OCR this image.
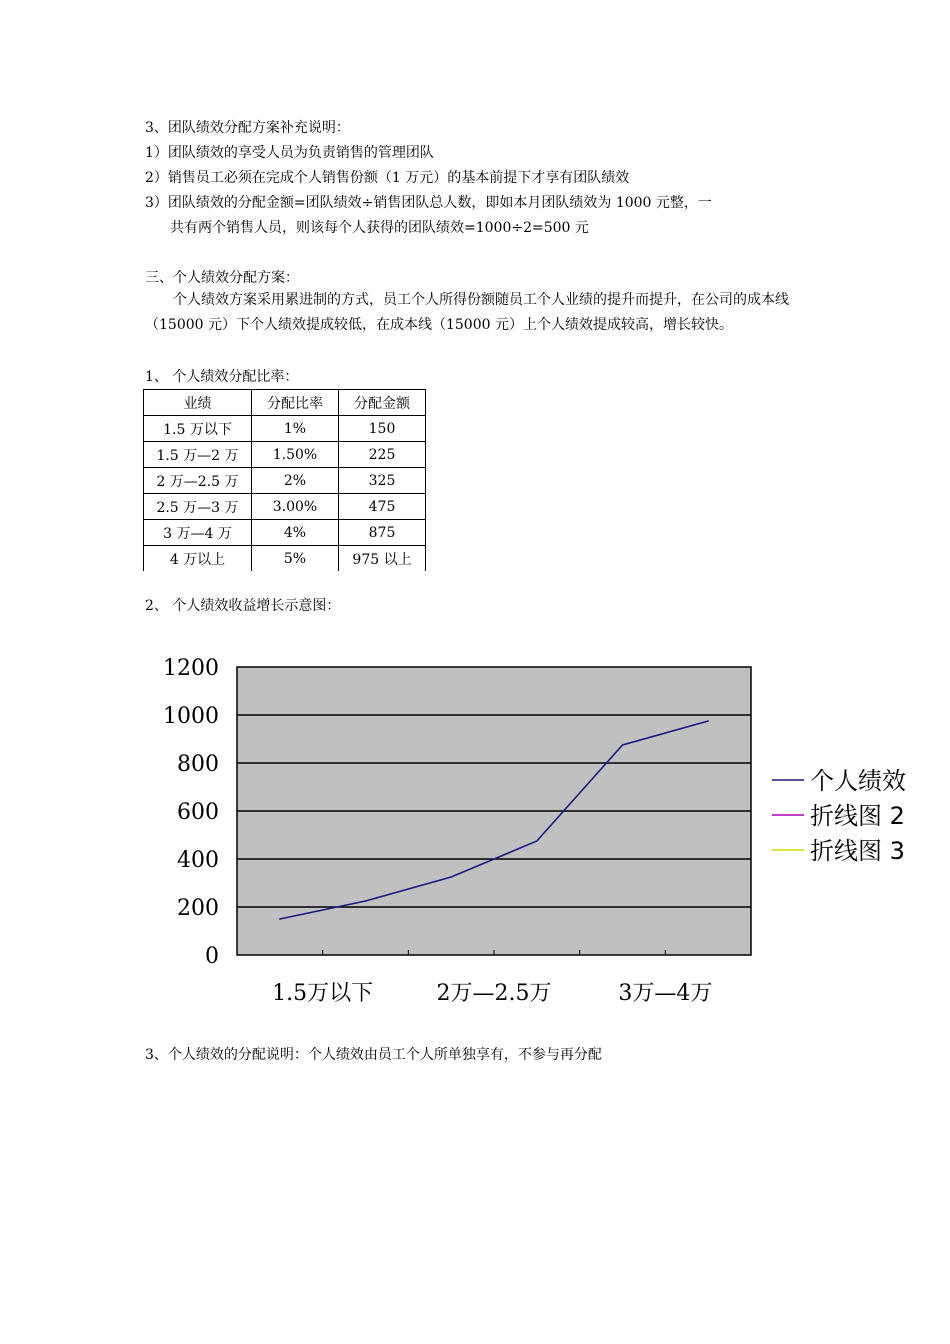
3、团队绩效分配方案补充说明：
1）团队绩效的享受人员为负责销售的管理团队
2）销售员工必须在完成个人销售份额（1 万元）的基本前提下才享有团队绩效
3）团队绩效的分配金额=团队绩效÷销售团队总人数，即如本月团队绩效为 1000 元整，一
共有两个销售人员，则该每个人获得的团队绩效=1000÷2=500 元
三、个人绩效分配方案：

个人绩效方案采用累进制的方式，员工个人所得份额随员工个人业绩的提升而提升，在公司的成本线（15000 元）下个人绩效提成较低，在成本线（15000 元）上个人绩效提成较高，增长较快。

1、 个人绩效分配比率：
业绩	分配比率	分配金额
1.5 万以下	1%	150
1.5 万—2 万	1.50%	225
2 万—2.5 万	2%	325
2.5 万—3 万	3.00%	475
3 万—4 万	4%	875
4 万以上	5%	975 以上
2、 个人绩效收益增长示意图：
0
200
400
600
800
1000
1200
1.5万以下	2万—2.5万	3万—4万
个人绩效
折线图 2
折线图 3
3、个人绩效的分配说明：个人绩效由员工个人所单独享有，不参与再分配
